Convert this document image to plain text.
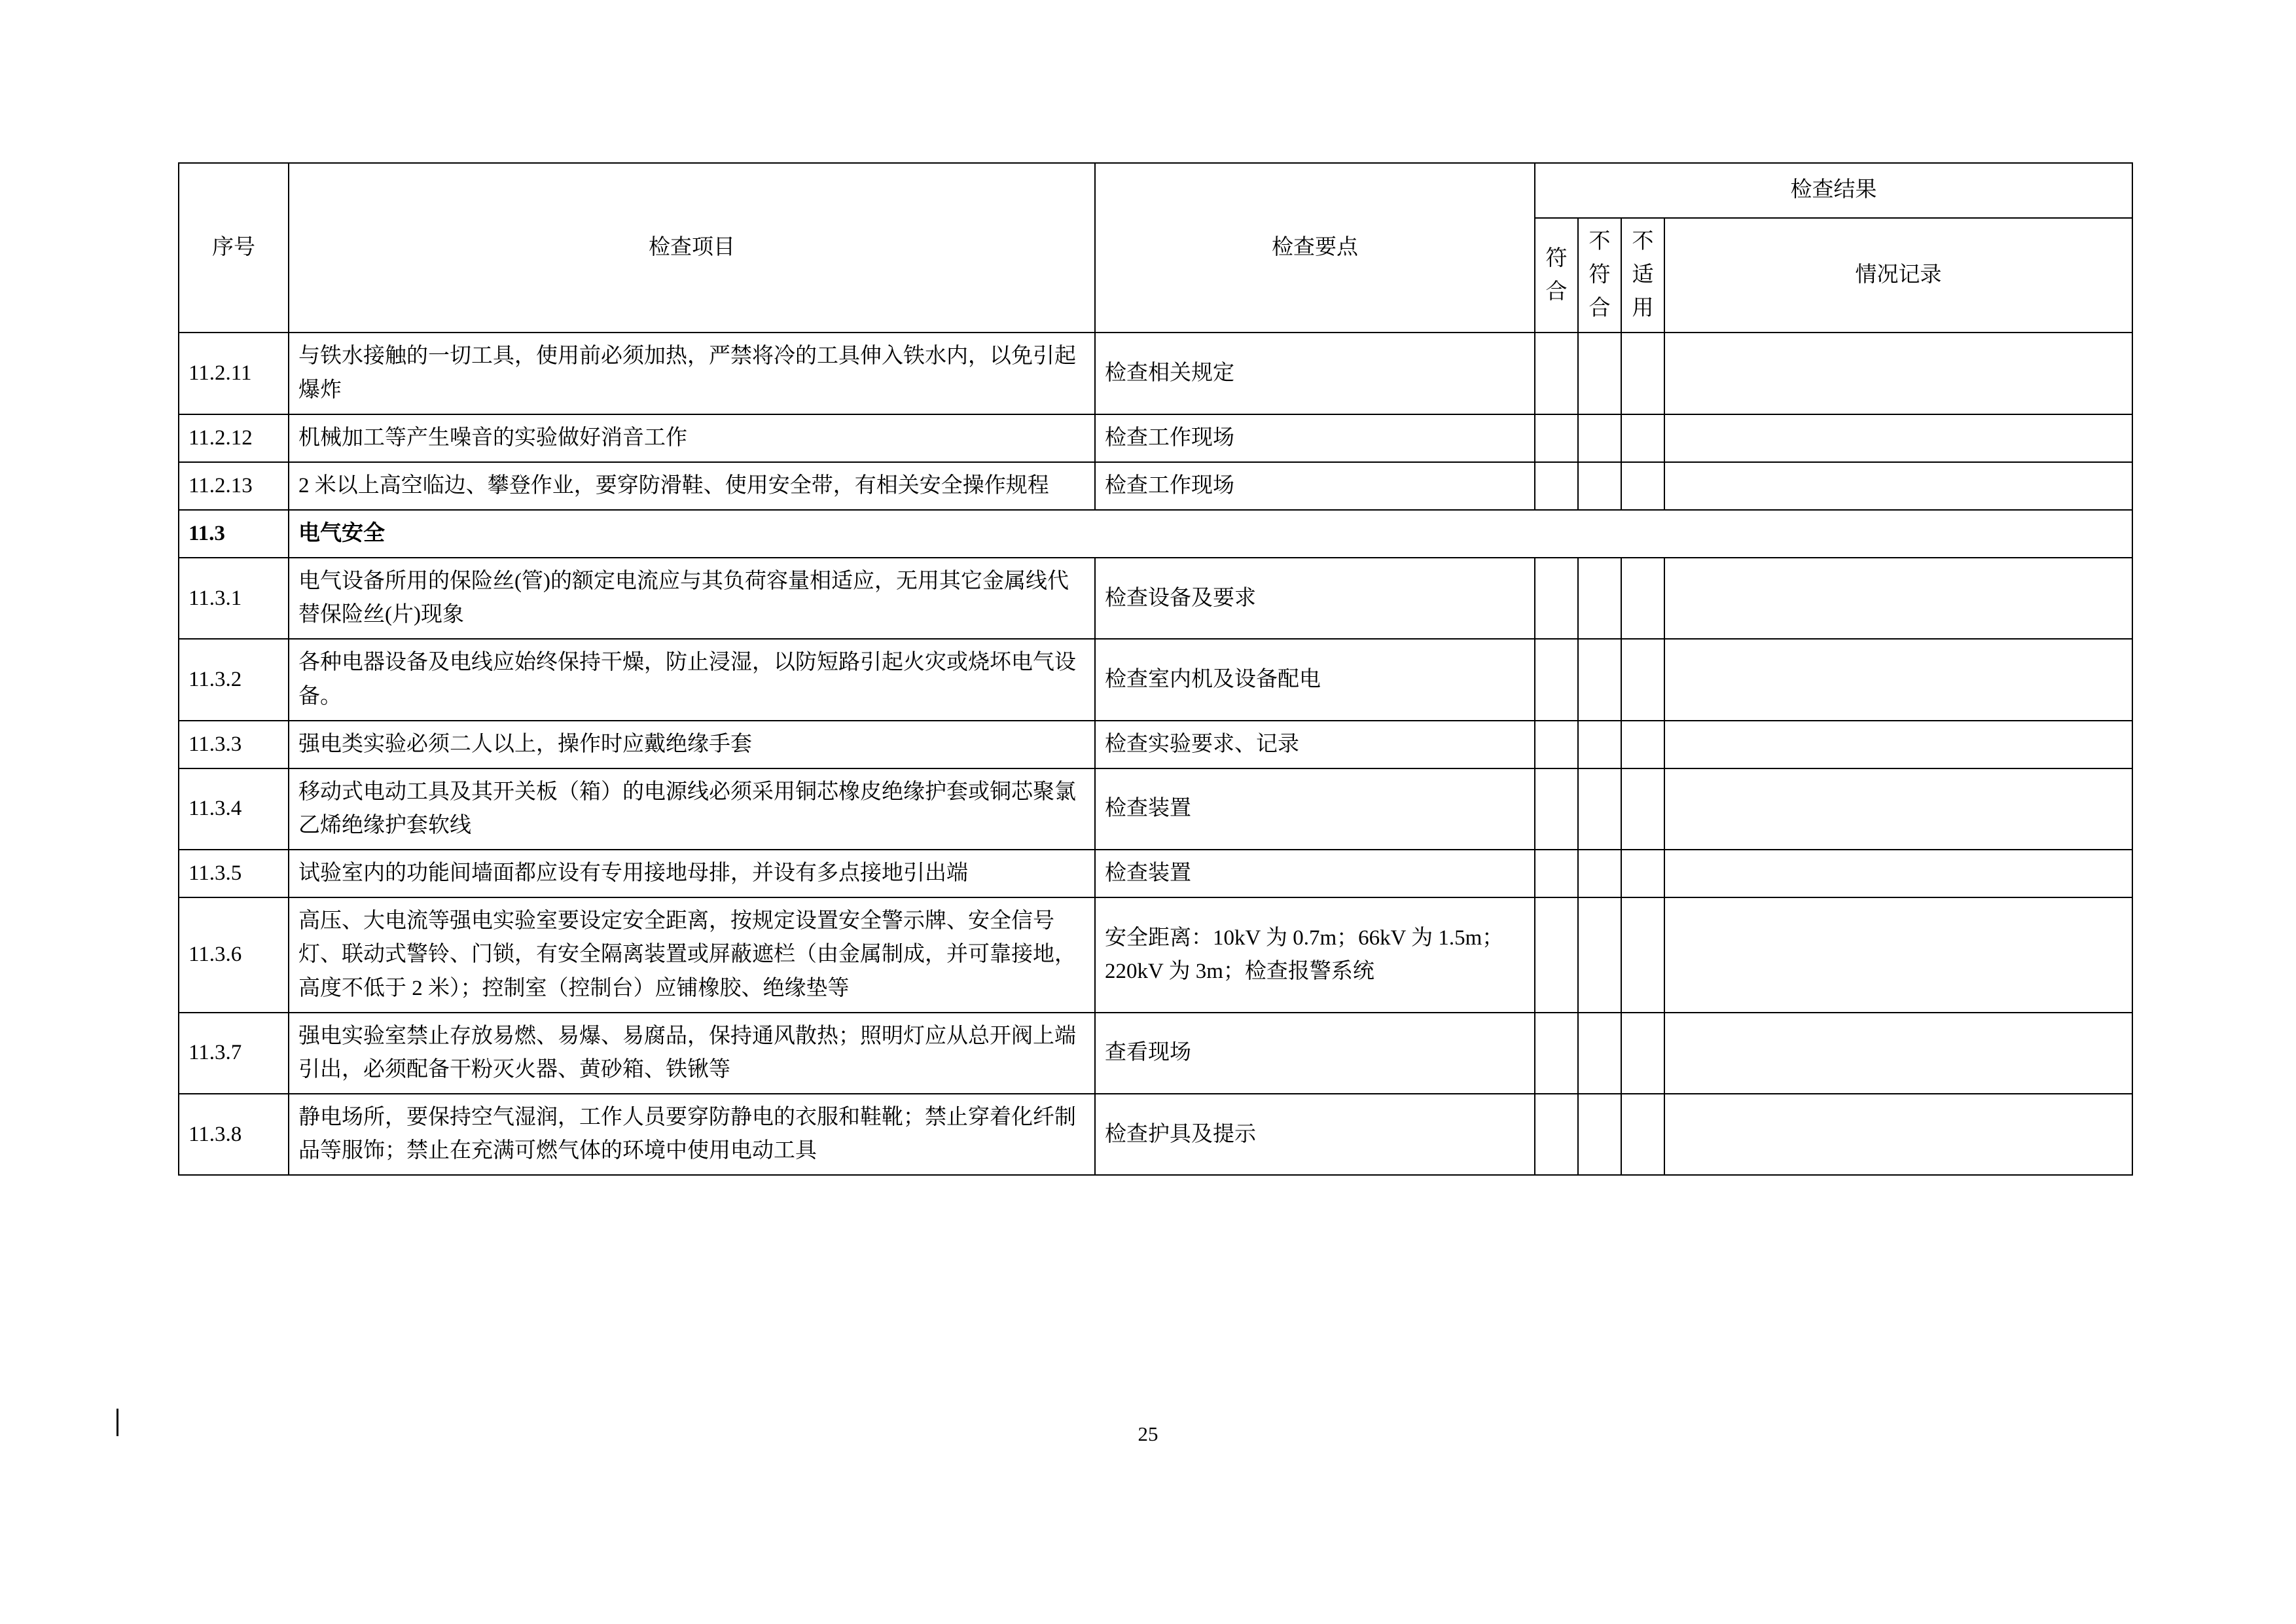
序号	检查项目	检查要点	检查结果			
			符合	不符合	不适用	情况记录
11.2.11	与铁水接触的一切工具，使用前必须加热，严禁将冷的工具伸入铁水内，以免引起爆炸	检查相关规定				
11.2.12	机械加工等产生噪音的实验做好消音工作	检查工作现场				
11.2.13	2 米以上高空临边、攀登作业，要穿防滑鞋、使用安全带，有相关安全操作规程	检查工作现场				
11.3	电气安全					
11.3.1	电气设备所用的保险丝(管)的额定电流应与其负荷容量相适应，无用其它金属线代替保险丝(片)现象	检查设备及要求				
11.3.2	各种电器设备及电线应始终保持干燥，防止浸湿，以防短路引起火灾或烧坏电气设备。	检查室内机及设备配电				
11.3.3	强电类实验必须二人以上，操作时应戴绝缘手套	检查实验要求、记录				
11.3.4	移动式电动工具及其开关板（箱）的电源线必须采用铜芯橡皮绝缘护套或铜芯聚氯乙烯绝缘护套软线	检查装置				
11.3.5	试验室内的功能间墙面都应设有专用接地母排，并设有多点接地引出端	检查装置				
11.3.6	高压、大电流等强电实验室要设定安全距离，按规定设置安全警示牌、安全信号灯、联动式警铃、门锁，有安全隔离装置或屏蔽遮栏（由金属制成，并可靠接地，高度不低于 2 米）；控制室（控制台）应铺橡胶、绝缘垫等	安全距离：10kV 为 0.7m；66kV 为 1.5m；220kV 为 3m；检查报警系统				
11.3.7	强电实验室禁止存放易燃、易爆、易腐品，保持通风散热；照明灯应从总开阀上端引出，必须配备干粉灭火器、黄砂箱、铁锹等	查看现场				
11.3.8	静电场所，要保持空气湿润，工作人员要穿防静电的衣服和鞋靴；禁止穿着化纤制品等服饰；禁止在充满可燃气体的环境中使用电动工具	检查护具及提示				
25
